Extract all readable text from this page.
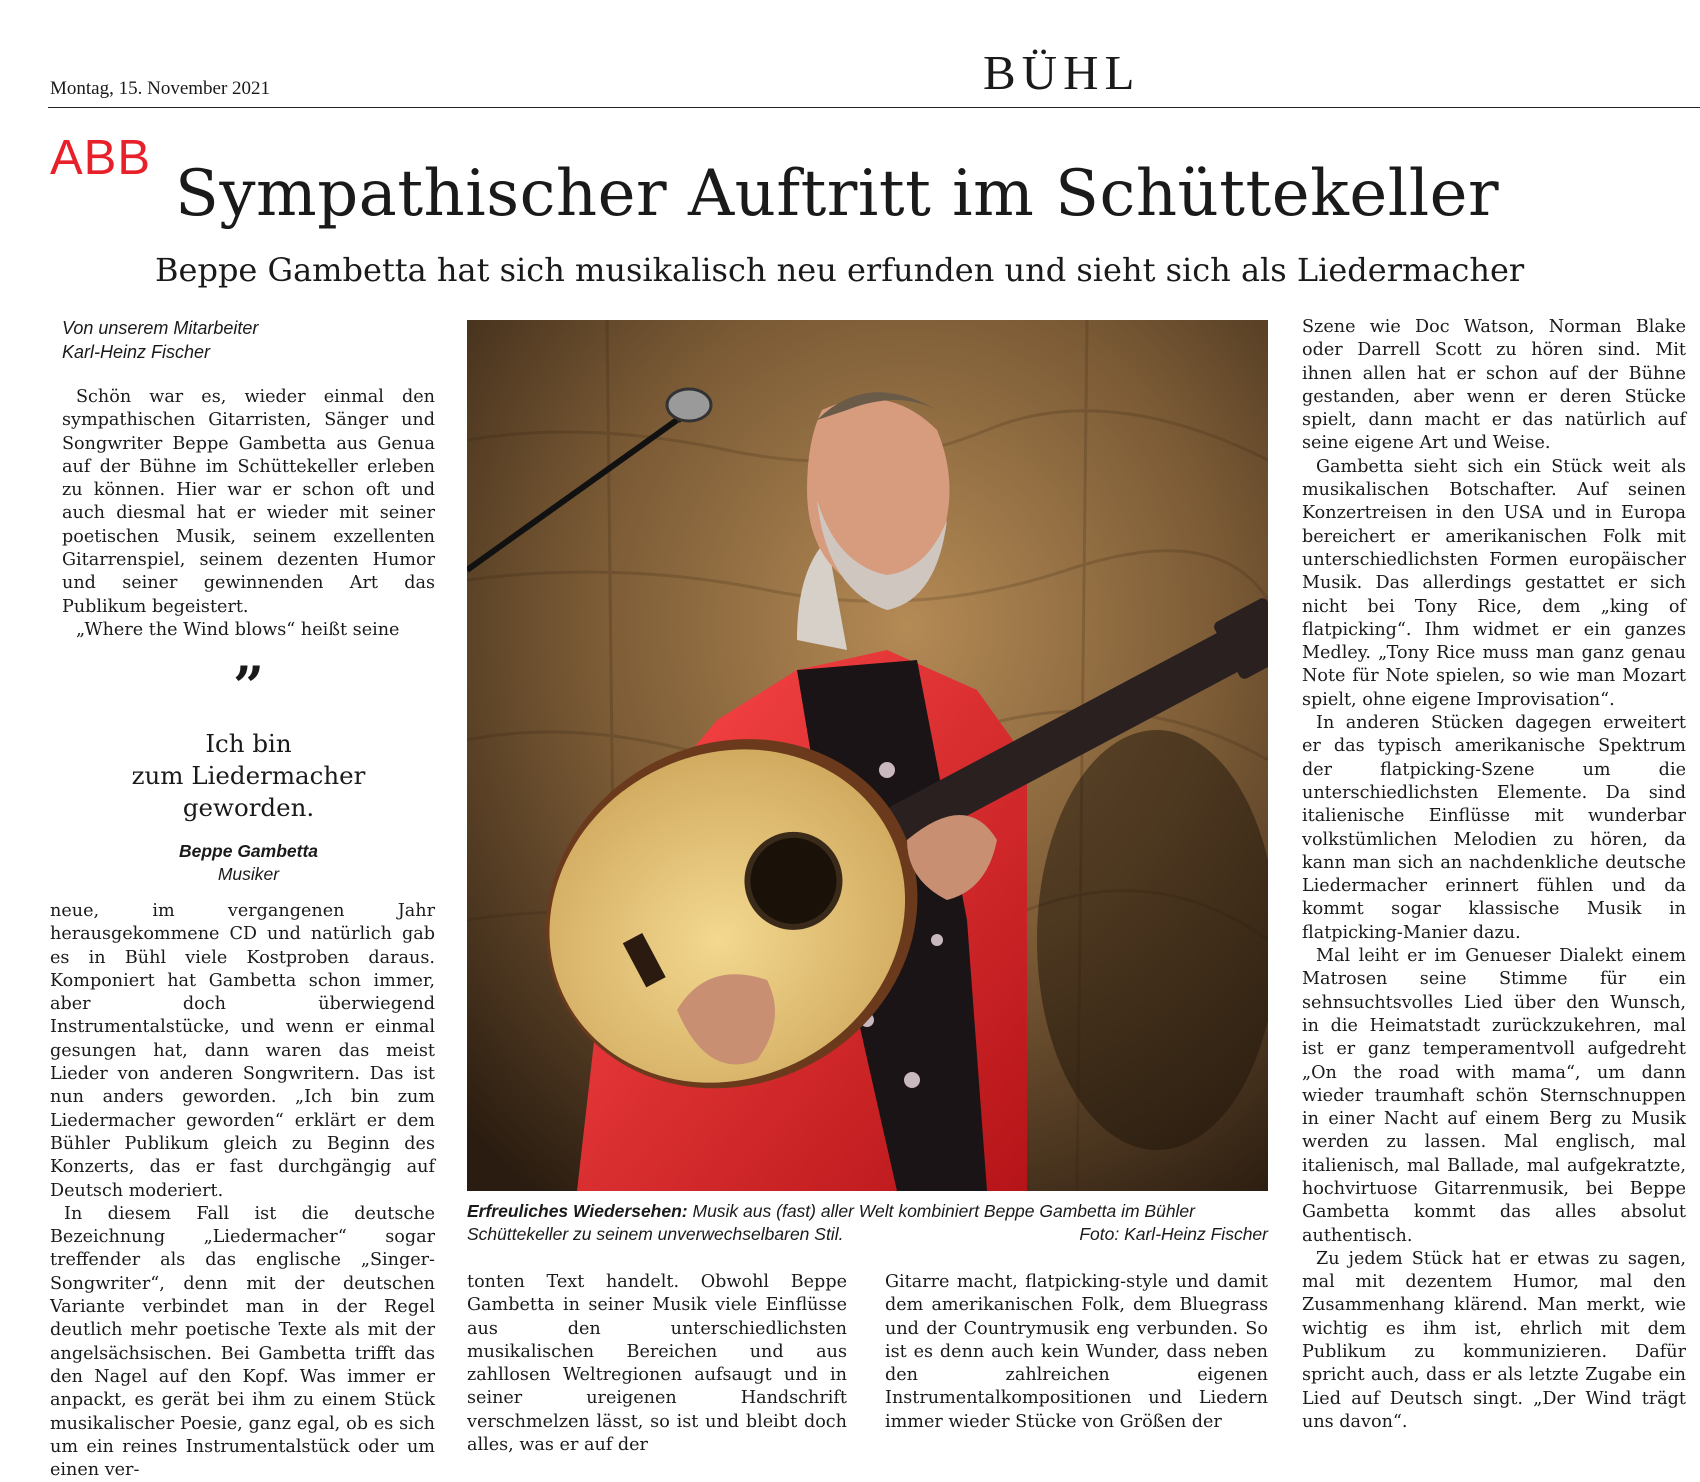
Montag, 15. November 2021	BÜHL
ABB Sympathischer Auftritt im Schüttekeller
Beppe Gambetta hat sich musikalisch neu erfunden und sieht sich als Liedermacher
Von unserem Mitarbeiter
Karl-Heinz Fischer

Schön war es, wieder einmal den sympathischen Gitarristen, Sänger und Songwriter Beppe Gambetta aus Genua auf der Bühne im Schüttekeller erleben zu können. Hier war er schon oft und auch diesmal hat er wieder mit seiner poetischen Musik, seinem exzellenten Gitarrenspiel, seinem dezenten Humor und seiner gewinnenden Art das Publikum begeistert.

„Where the Wind blows“ heißt seine

”
Ich bin
zum Liedermacher
geworden.
Beppe Gambetta
Musiker

neue, im vergangenen Jahr herausgekommene CD und natürlich gab es in Bühl viele Kostproben daraus. Komponiert hat Gambetta schon immer, aber doch überwiegend Instrumentalstücke, und wenn er einmal gesungen hat, dann waren das meist Lieder von anderen Songwritern. Das ist nun anders geworden. „Ich bin zum Liedermacher geworden“ erklärt er dem Bühler Publikum gleich zu Beginn des Konzerts, das er fast durchgängig auf Deutsch moderiert.

In diesem Fall ist die deutsche Bezeichnung „Liedermacher“ sogar treffender als das englische „Singer-Songwriter“, denn mit der deutschen Variante verbindet man in der Regel deutlich mehr poetische Texte als mit der angelsächsischen. Bei Gambetta trifft das den Nagel auf den Kopf. Was immer er anpackt, es gerät bei ihm zu einem Stück musikalischer Poesie, ganz egal, ob es sich um ein reines Instrumentalstück oder um einen ver-

Erfreuliches Wiedersehen: Musik aus (fast) aller Welt kombiniert Beppe Gambetta im Bühler Schüttekeller zu seinem unverwechselbaren Stil.	Foto: Karl-Heinz Fischer

tonten Text handelt. Obwohl Beppe Gambetta in seiner Musik viele Einflüsse aus den unterschiedlichsten musikalischen Bereichen und aus zahllosen Weltregionen aufsaugt und in seiner ureigenen Handschrift verschmelzen lässt, so ist und bleibt doch alles, was er auf der

Gitarre macht, flatpicking-style und damit dem amerikanischen Folk, dem Bluegrass und der Countrymusik eng verbunden. So ist es denn auch kein Wunder, dass neben den zahlreichen eigenen Instrumentalkompositionen und Liedern immer wieder Stücke von Größen der

Szene wie Doc Watson, Norman Blake oder Darrell Scott zu hören sind. Mit ihnen allen hat er schon auf der Bühne gestanden, aber wenn er deren Stücke spielt, dann macht er das natürlich auf seine eigene Art und Weise.

Gambetta sieht sich ein Stück weit als musikalischen Botschafter. Auf seinen Konzertreisen in den USA und in Europa bereichert er amerikanischen Folk mit unterschiedlichsten Formen europäischer Musik. Das allerdings gestattet er sich nicht bei Tony Rice, dem „king of flatpicking“. Ihm widmet er ein ganzes Medley. „Tony Rice muss man ganz genau Note für Note spielen, so wie man Mozart spielt, ohne eigene Improvisation“.

In anderen Stücken dagegen erweitert er das typisch amerikanische Spektrum der flatpicking-Szene um die unterschiedlichsten Elemente. Da sind italienische Einflüsse mit wunderbar volkstümlichen Melodien zu hören, da kann man sich an nachdenkliche deutsche Liedermacher erinnert fühlen und da kommt sogar klassische Musik in flatpicking-Manier dazu.

Mal leiht er im Genueser Dialekt einem Matrosen seine Stimme für ein sehnsuchtsvolles Lied über den Wunsch, in die Heimatstadt zurückzukehren, mal ist er ganz temperamentvoll aufgedreht „On the road with mama“, um dann wieder traumhaft schön Sternschnuppen in einer Nacht auf einem Berg zu Musik werden zu lassen. Mal englisch, mal italienisch, mal Ballade, mal aufgekratzte, hochvirtuose Gitarrenmusik, bei Beppe Gambetta kommt das alles absolut authentisch.

Zu jedem Stück hat er etwas zu sagen, mal mit dezentem Humor, mal den Zusammenhang klärend. Man merkt, wie wichtig es ihm ist, ehrlich mit dem Publikum zu kommunizieren. Dafür spricht auch, dass er als letzte Zugabe ein Lied auf Deutsch singt. „Der Wind trägt uns davon“.
